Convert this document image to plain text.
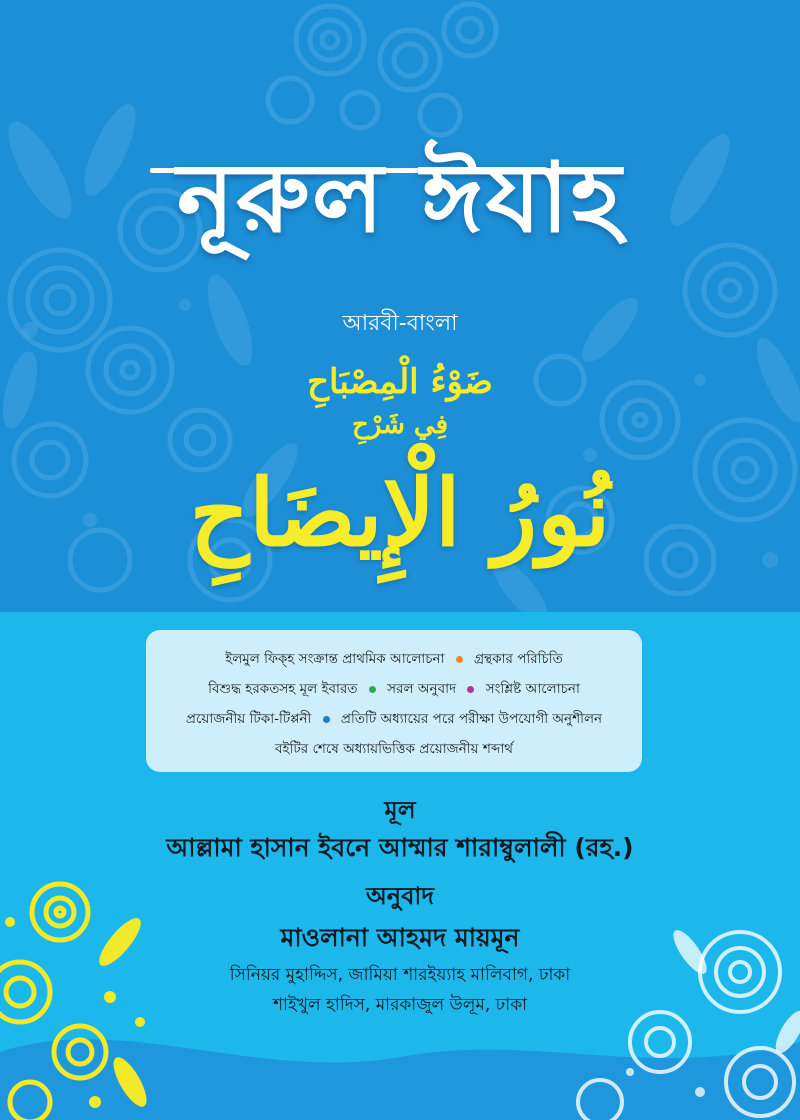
নূরুল ঈযাহ
আরবী-বাংলা
ضَوْءُ الْمِصْبَاحِ
فِي شَرْحِ
نُورُ الْإِيضَاحِ
ইলমুল ফিক্‌হ সংক্রান্ত প্রাথমিক আলোচনা গ্রন্থকার পরিচিতি
বিশুদ্ধ হরকতসহ মূল ইবারত সরল অনুবাদ সংশ্লিষ্ট আলোচনা
প্রয়োজনীয় টিকা-টিপ্পনী প্রতিটি অধ্যায়ের পরে পরীক্ষা উপযোগী অনুশীলন
বইটির শেষে অধ্যায়ভিত্তিক প্রয়োজনীয় শব্দার্থ
মূল
আল্লামা হাসান ইবনে আম্মার শারাম্বুলালী (রহ.)
অনুবাদ
মাওলানা আহমদ মায়মূন
সিনিয়র মুহাদ্দিস, জামিয়া শারইয়্যাহ মালিবাগ, ঢাকা
শাইখুল হাদিস, মারকাজুল উলূম, ঢাকা
